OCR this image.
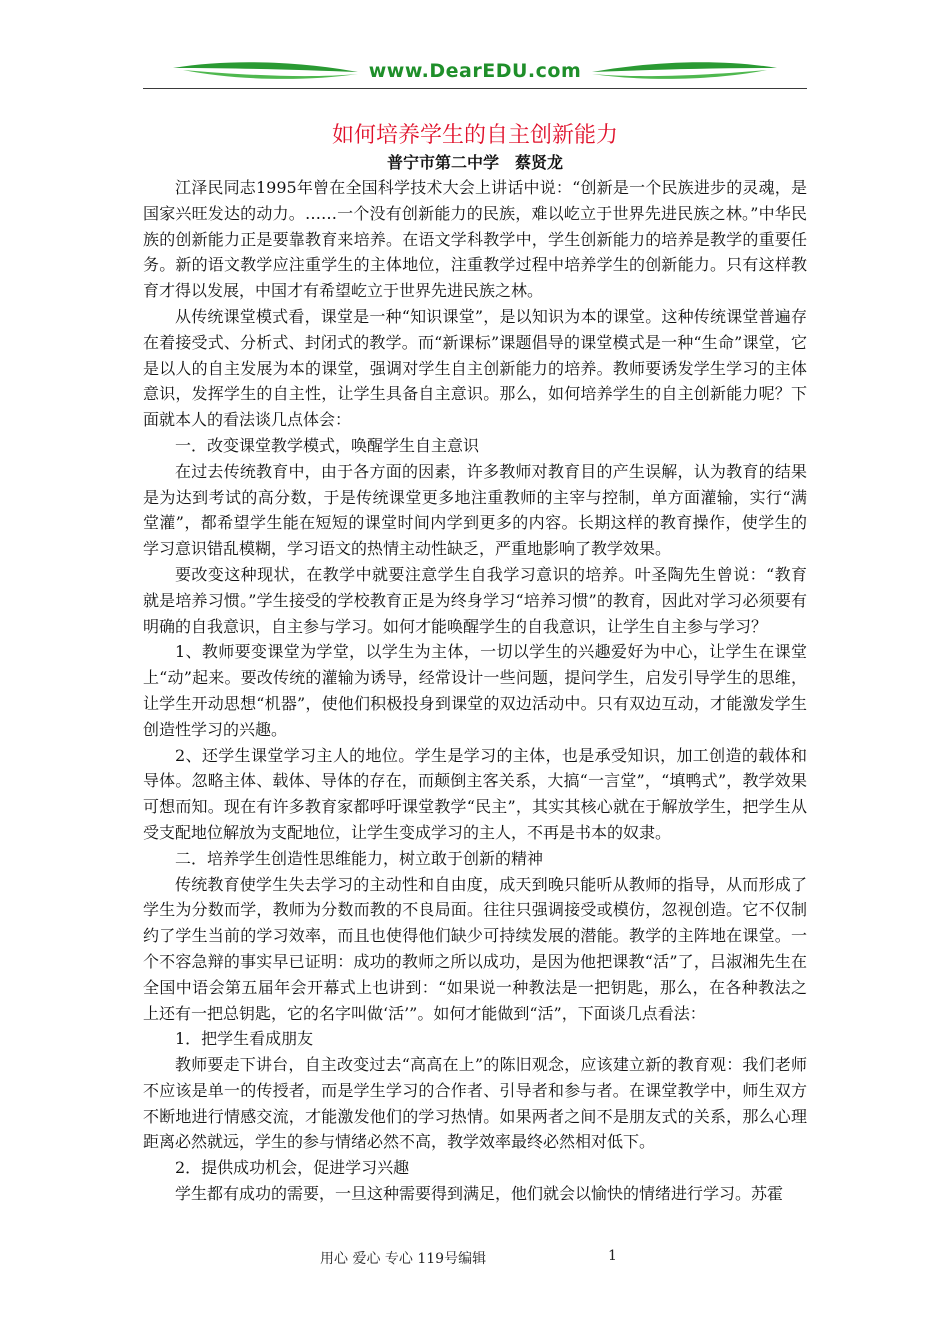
www.DearEDU.com
如何培养学生的自主创新能力
普宁市第二中学　蔡贤龙

江泽民同志1995年曾在全国科学技术大会上讲话中说：“创新是一个民族进步的灵魂，是国家兴旺发达的动力。……一个没有创新能力的民族，难以屹立于世界先进民族之林。”中华民族的创新能力正是要靠教育来培养。在语文学科教学中，学生创新能力的培养是教学的重要任务。新的语文教学应注重学生的主体地位，注重教学过程中培养学生的创新能力。只有这样教育才得以发展，中国才有希望屹立于世界先进民族之林。

从传统课堂模式看，课堂是一种“知识课堂”，是以知识为本的课堂。这种传统课堂普遍存在着接受式、分析式、封闭式的教学。而“新课标”课题倡导的课堂模式是一种“生命”课堂，它是以人的自主发展为本的课堂，强调对学生自主创新能力的培养。教师要诱发学生学习的主体意识，发挥学生的自主性，让学生具备自主意识。那么，如何培养学生的自主创新能力呢？下面就本人的看法谈几点体会：

一．改变课堂教学模式，唤醒学生自主意识

在过去传统教育中，由于各方面的因素，许多教师对教育目的产生误解，认为教育的结果是为达到考试的高分数，于是传统课堂更多地注重教师的主宰与控制，单方面灌输，实行“满堂灌”，都希望学生能在短短的课堂时间内学到更多的内容。长期这样的教育操作，使学生的学习意识错乱模糊，学习语文的热情主动性缺乏，严重地影响了教学效果。

要改变这种现状，在教学中就要注意学生自我学习意识的培养。叶圣陶先生曾说：“教育就是培养习惯。”学生接受的学校教育正是为终身学习“培养习惯”的教育，因此对学习必须要有明确的自我意识，自主参与学习。如何才能唤醒学生的自我意识，让学生自主参与学习？

1、教师要变课堂为学堂，以学生为主体，一切以学生的兴趣爱好为中心，让学生在课堂上“动”起来。要改传统的灌输为诱导，经常设计一些问题，提问学生，启发引导学生的思维，让学生开动思想“机器”，使他们积极投身到课堂的双边活动中。只有双边互动，才能激发学生创造性学习的兴趣。

2、还学生课堂学习主人的地位。学生是学习的主体，也是承受知识，加工创造的载体和导体。忽略主体、载体、导体的存在，而颠倒主客关系，大搞“一言堂”，“填鸭式”，教学效果可想而知。现在有许多教育家都呼吁课堂教学“民主”，其实其核心就在于解放学生，把学生从受支配地位解放为支配地位，让学生变成学习的主人，不再是书本的奴隶。

二．培养学生创造性思维能力，树立敢于创新的精神

传统教育使学生失去学习的主动性和自由度，成天到晚只能听从教师的指导，从而形成了学生为分数而学，教师为分数而教的不良局面。往往只强调接受或模仿，忽视创造。它不仅制约了学生当前的学习效率，而且也使得他们缺少可持续发展的潜能。教学的主阵地在课堂。一个不容急辩的事实早已证明：成功的教师之所以成功，是因为他把课教“活”了，吕淑湘先生在全国中语会第五届年会开幕式上也讲到：“如果说一种教法是一把钥匙，那么，在各种教法之上还有一把总钥匙，它的名字叫做‘活’”。如何才能做到“活”，下面谈几点看法：

1．把学生看成朋友

教师要走下讲台，自主改变过去“高高在上”的陈旧观念，应该建立新的教育观：我们老师不应该是单一的传授者，而是学生学习的合作者、引导者和参与者。在课堂教学中，师生双方不断地进行情感交流，才能激发他们的学习热情。如果两者之间不是朋友式的关系，那么心理距离必然就远，学生的参与情绪必然不高，教学效率最终必然相对低下。

2．提供成功机会，促进学习兴趣

学生都有成功的需要，一旦这种需要得到满足，他们就会以愉快的情绪进行学习。苏霍

用心 爱心 专心 119号编辑	1
